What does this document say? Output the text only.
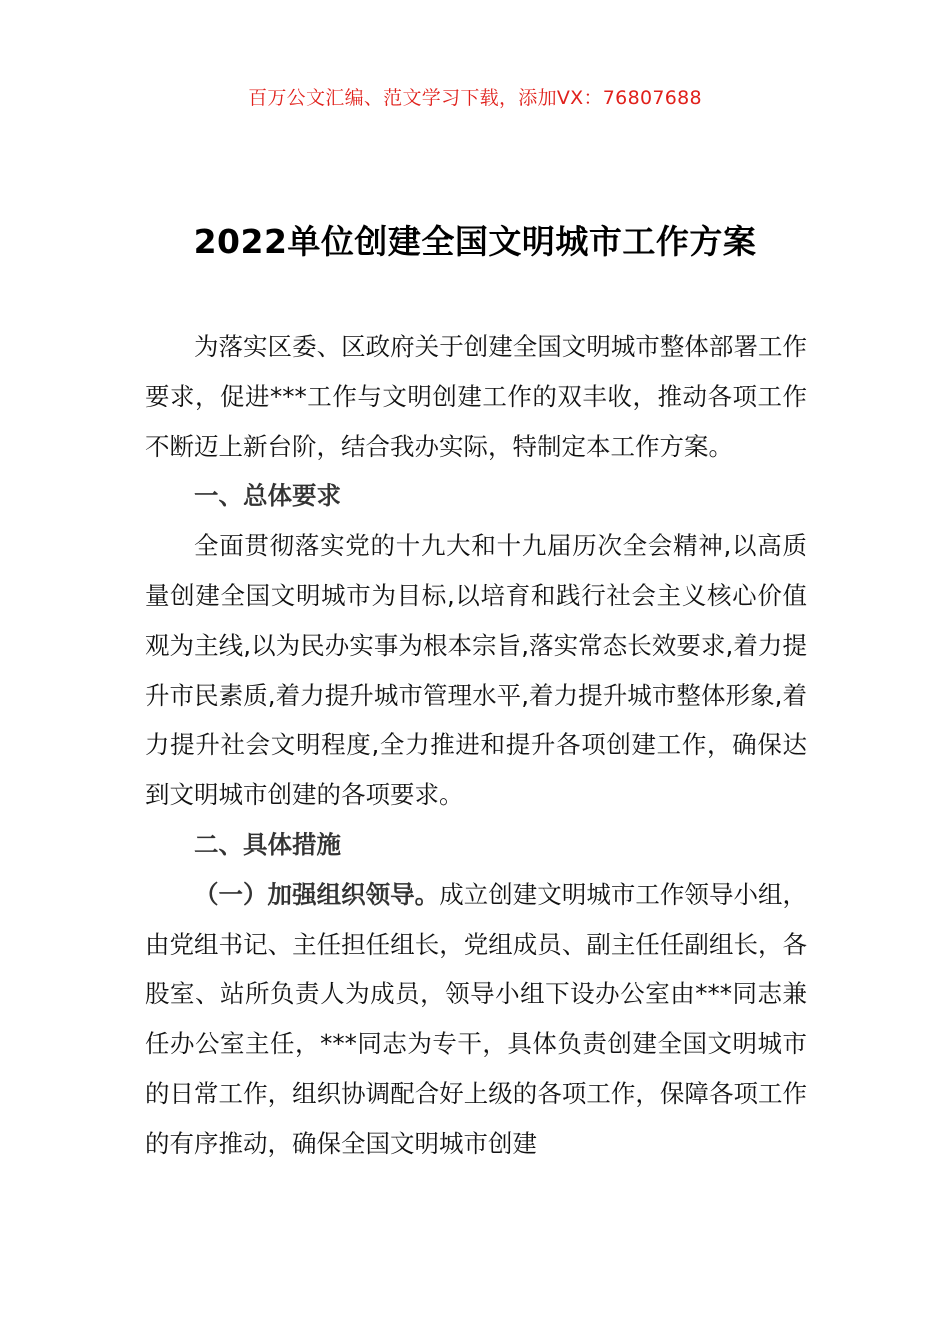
百万公文汇编、范文学习下载，添加VX：76807688
2022单位创建全国文明城市工作方案

为落实区委、区政府关于创建全国文明城市整体部署工作要求，促进***工作与文明创建工作的双丰收，推动各项工作不断迈上新台阶，结合我办实际，特制定本工作方案。

一、总体要求

全面贯彻落实党的十九大和十九届历次全会精神,以高质量创建全国文明城市为目标,以培育和践行社会主义核心价值观为主线,以为民办实事为根本宗旨,落实常态长效要求,着力提升市民素质,着力提升城市管理水平,着力提升城市整体形象,着力提升社会文明程度,全力推进和提升各项创建工作，确保达到文明城市创建的各项要求。

二、具体措施

（一）加强组织领导。成立创建文明城市工作领导小组，由党组书记、主任担任组长，党组成员、副主任任副组长，各股室、站所负责人为成员，领导小组下设办公室由***同志兼任办公室主任，***同志为专干，具体负责创建全国文明城市的日常工作，组织协调配合好上级的各项工作，保障各项工作的有序推动，确保全国文明城市创建
